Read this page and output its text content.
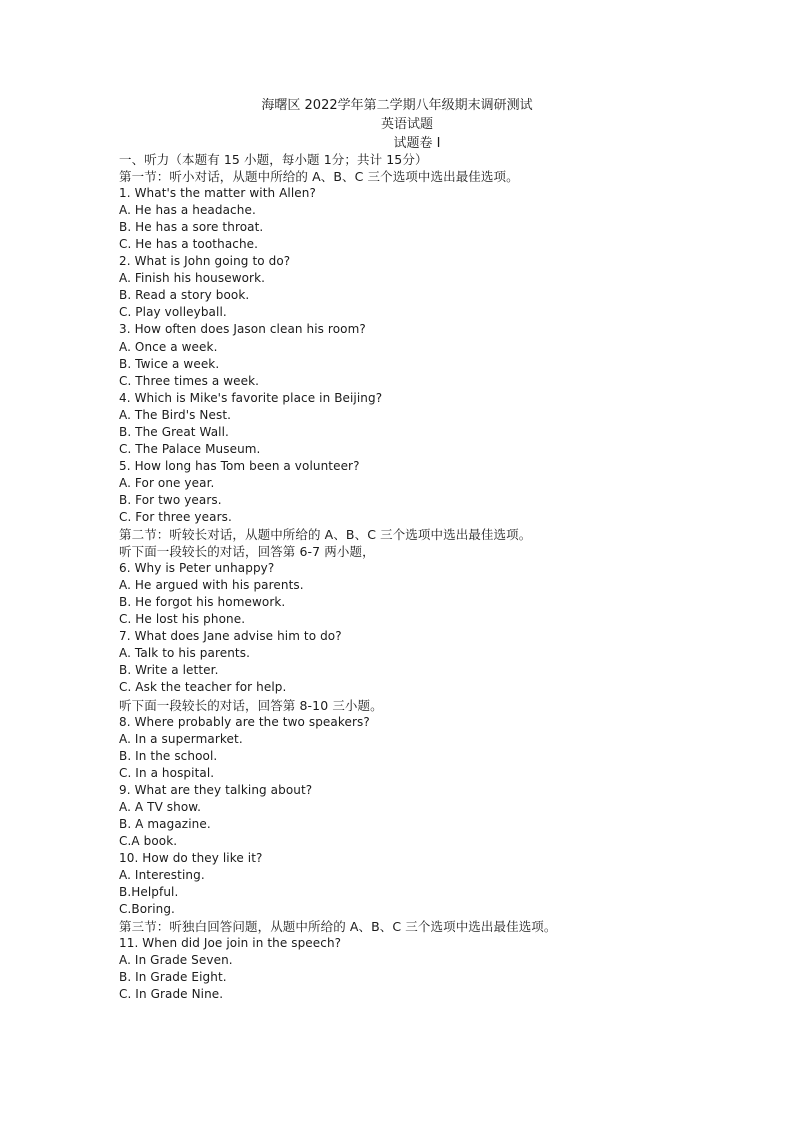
海曙区 2022学年第二学期八年级期末调研测试
英语试题
试题卷 I
一、听力（本题有 15 小题，每小题 1分；共计 15分）
第一节：听小对话，从题中所给的 A、B、C 三个选项中选出最佳选项。
1. What's the matter with Allen?
A. He has a headache.
B. He has a sore throat.
C. He has a toothache.
2. What is John going to do?
A. Finish his housework.
B. Read a story book.
C. Play volleyball.
3. How often does Jason clean his room?
A. Once a week.
B. Twice a week.
C. Three times a week.
4. Which is Mike's favorite place in Beijing?
A. The Bird's Nest.
B. The Great Wall.
C. The Palace Museum.
5. How long has Tom been a volunteer?
A. For one year.
B. For two years.
C. For three years.
第二节：听较长对话，从题中所给的 A、B、C 三个选项中选出最佳选项。
听下面一段较长的对话，回答第 6-7 两小题，
6. Why is Peter unhappy?
A. He argued with his parents.
B. He forgot his homework.
C. He lost his phone.
7. What does Jane advise him to do?
A. Talk to his parents.
B. Write a letter.
C. Ask the teacher for help.
听下面一段较长的对话，回答第 8-10 三小题。
8. Where probably are the two speakers?
A. In a supermarket.
B. In the school.
C. In a hospital.
9. What are they talking about?
A. A TV show.
B. A magazine.
C.A book.
10. How do they like it?
A. Interesting.
B.Helpful.
C.Boring.
第三节：听独白回答问题，从题中所给的 A、B、C 三个选项中选出最佳选项。
11. When did Joe join in the speech?
A. In Grade Seven.
B. In Grade Eight.
C. In Grade Nine.
